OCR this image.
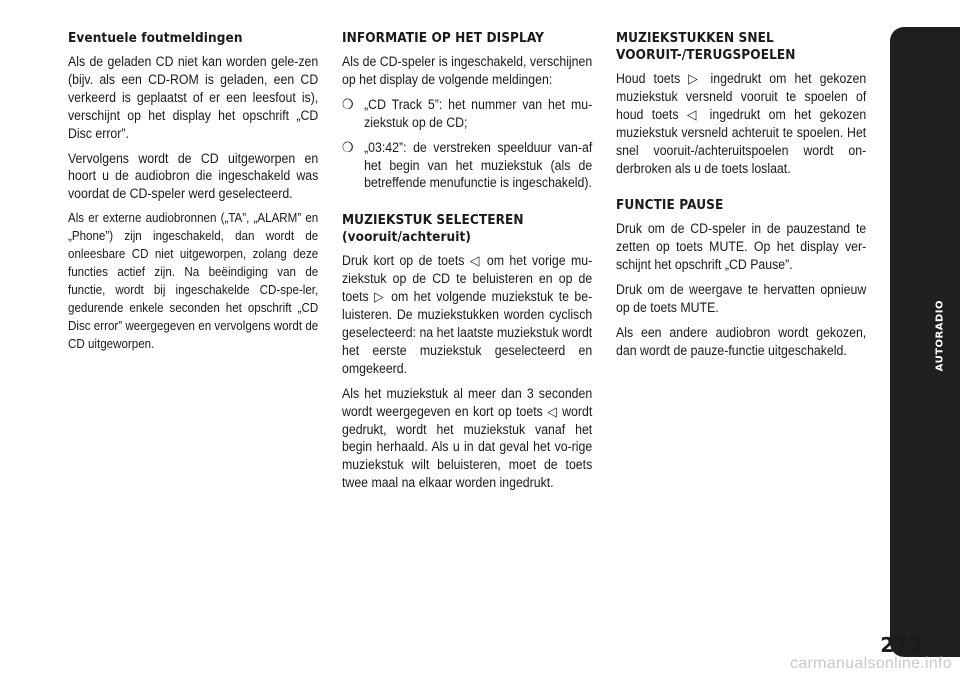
Eventuele foutmeldingen

Als de geladen CD niet kan worden gele-zen (bijv. als een CD-ROM is geladen, een CD verkeerd is geplaatst of er een leesfout is), verschijnt op het display het opschrift „CD Disc error”.

Vervolgens wordt de CD uitgeworpen en hoort u de audiobron die ingeschakeld was voordat de CD-speler werd geselecteerd.

Als er externe audiobronnen („TA”, „ALARM” en „Phone”) zijn ingeschakeld, dan wordt de onleesbare CD niet uitgeworpen, zolang deze functies actief zijn. Na beëindiging van de functie, wordt bij ingeschakelde CD-spe-ler, gedurende enkele seconden het opschrift „CD Disc error” weergegeven en vervolgens wordt de CD uitgeworpen.

INFORMATIE OP HET DISPLAY

Als de CD-speler is ingeschakeld, verschijnen op het display de volgende meldingen:

❍ „CD Track 5”: het nummer van het mu-ziekstuk op de CD;
❍ „03:42”: de verstreken speelduur van-af het begin van het muziekstuk (als de betreffende menufunctie is ingeschakeld).
MUZIEKSTUK SELECTEREN
(vooruit/achteruit)

Druk kort op de toets ◁ om het vorige mu-ziekstuk op de CD te beluisteren en op de toets ▷ om het volgende muziekstuk te be-luisteren. De muziekstukken worden cyclisch geselecteerd: na het laatste muziekstuk wordt het eerste muziekstuk geselecteerd en omgekeerd.

Als het muziekstuk al meer dan 3 seconden wordt weergegeven en kort op toets ◁ wordt gedrukt, wordt het muziekstuk vanaf het begin herhaald. Als u in dat geval het vo-rige muziekstuk wilt beluisteren, moet de toets twee maal na elkaar worden ingedrukt.

MUZIEKSTUKKEN SNEL
VOORUIT-/TERUGSPOELEN

Houd toets ▷ ingedrukt om het gekozen muziekstuk versneld vooruit te spoelen of houd toets ◁ ingedrukt om het gekozen muziekstuk versneld achteruit te spoelen. Het snel vooruit-/achteruitspoelen wordt on-derbroken als u de toets loslaat.

FUNCTIE PAUSE

Druk om de CD-speler in de pauzestand te zetten op toets MUTE. Op het display ver-schijnt het opschrift „CD Pause”.

Druk om de weergave te hervatten opnieuw op de toets MUTE.

Als een andere audiobron wordt gekozen, dan wordt de pauze-functie uitgeschakeld.	AUTORADIO
273
carmanualsonline.info
